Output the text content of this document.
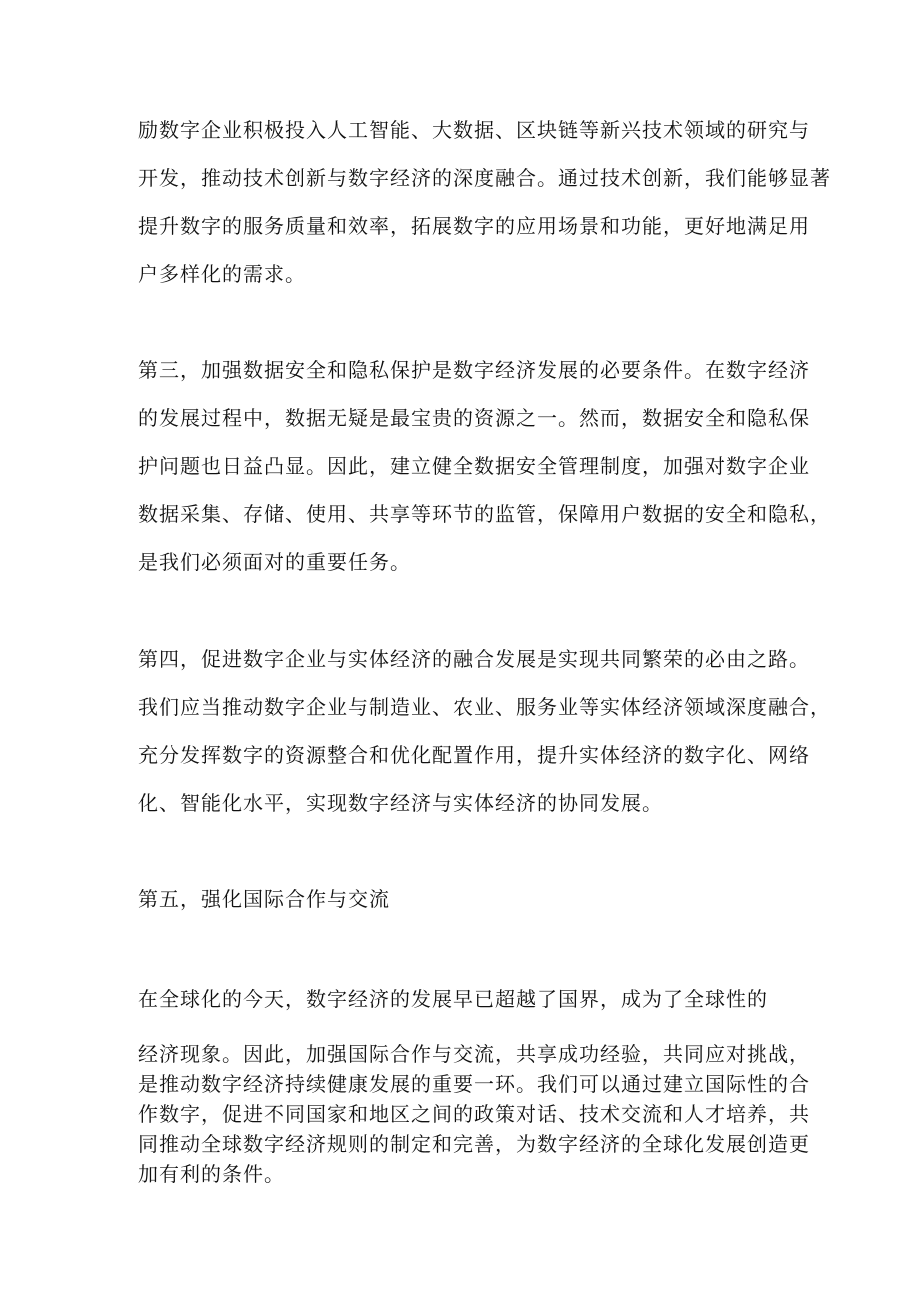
励数字企业积极投入人工智能、大数据、区块链等新兴技术领域的研究与
开发，推动技术创新与数字经济的深度融合。通过技术创新，我们能够显著
提升数字的服务质量和效率，拓展数字的应用场景和功能，更好地满足用
户多样化的需求。
第三，加强数据安全和隐私保护是数字经济发展的必要条件。在数字经济
的发展过程中，数据无疑是最宝贵的资源之一。然而，数据安全和隐私保
护问题也日益凸显。因此，建立健全数据安全管理制度，加强对数字企业
数据采集、存储、使用、共享等环节的监管，保障用户数据的安全和隐私，
是我们必须面对的重要任务。
第四，促进数字企业与实体经济的融合发展是实现共同繁荣的必由之路。
我们应当推动数字企业与制造业、农业、服务业等实体经济领域深度融合，
充分发挥数字的资源整合和优化配置作用，提升实体经济的数字化、网络
化、智能化水平，实现数字经济与实体经济的协同发展。
第五，强化国际合作与交流
在全球化的今天，数字经济的发展早已超越了国界，成为了全球性的
经济现象。因此，加强国际合作与交流，共享成功经验，共同应对挑战，
是推动数字经济持续健康发展的重要一环。我们可以通过建立国际性的合
作数字，促进不同国家和地区之间的政策对话、技术交流和人才培养，共
同推动全球数字经济规则的制定和完善，为数字经济的全球化发展创造更
加有利的条件。
